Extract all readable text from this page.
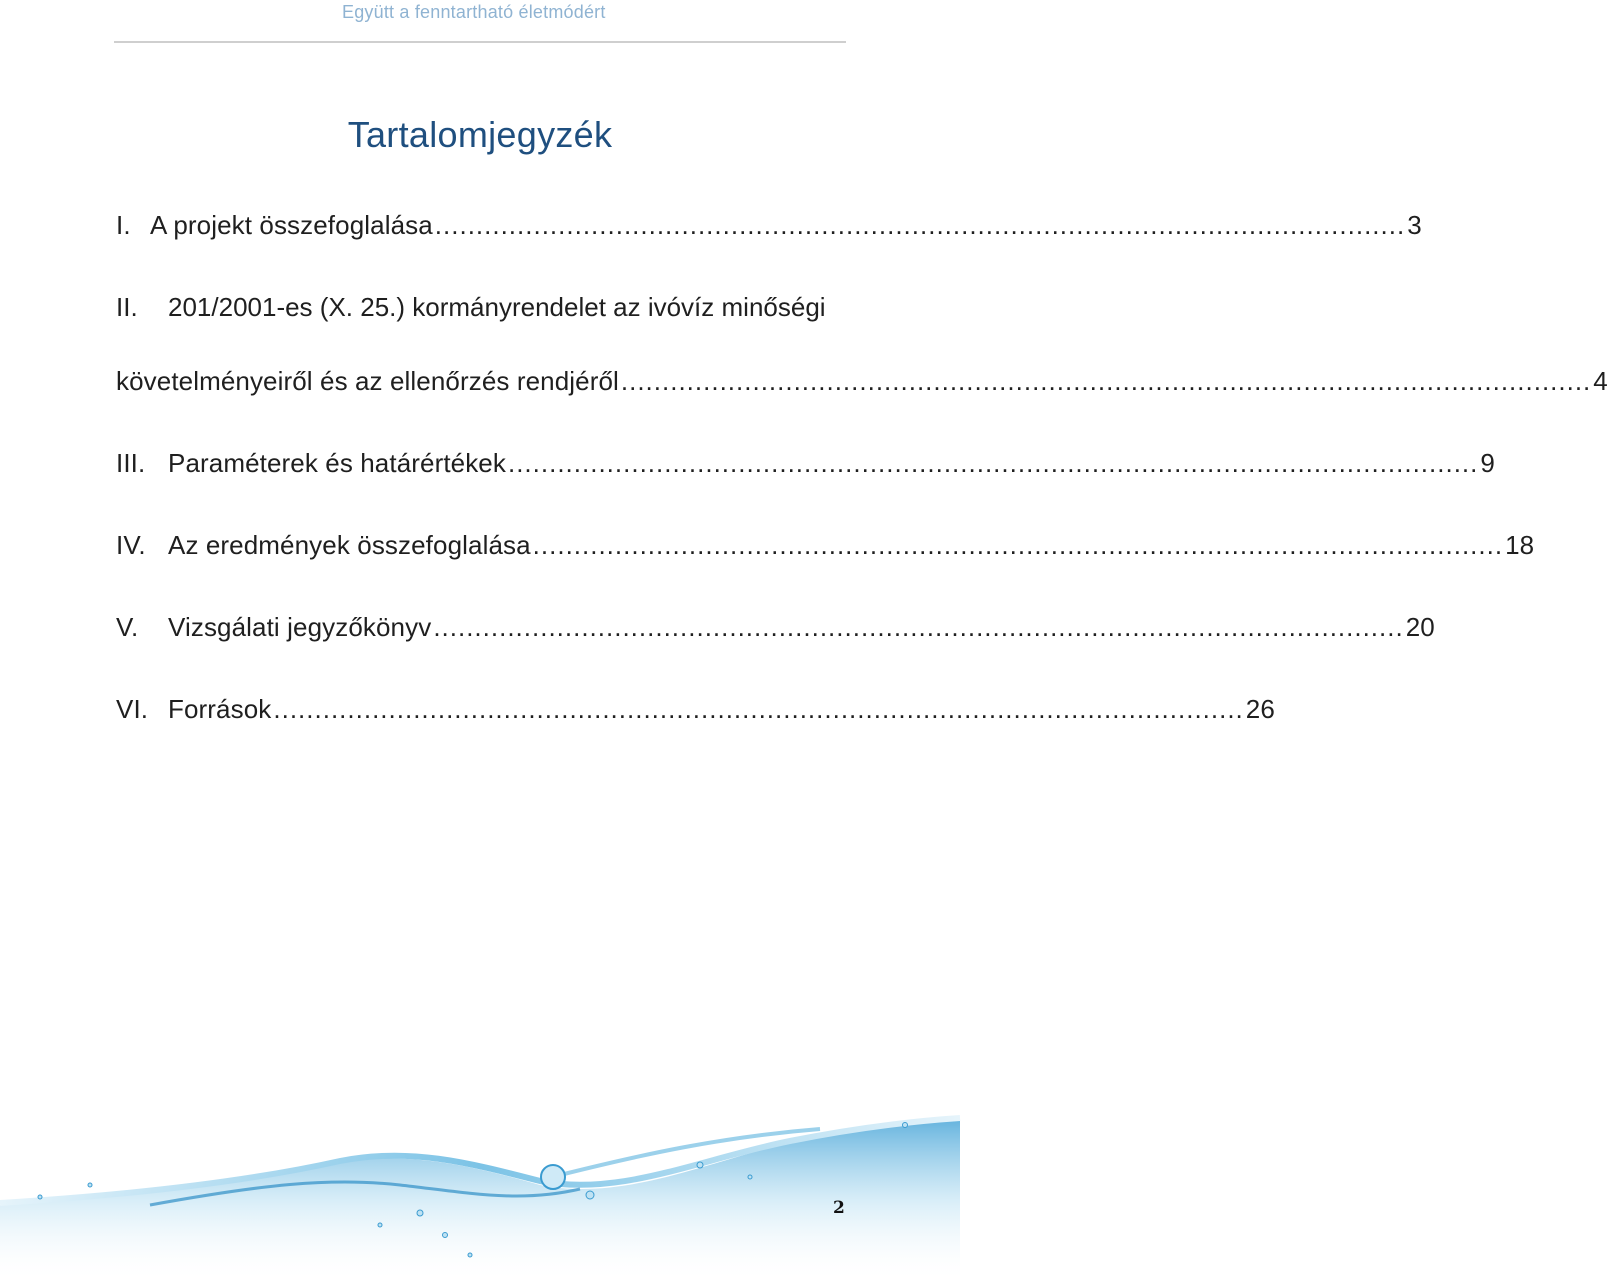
Együtt a fenntartható életmódért
Tartalomjegyzék
I. A projekt összefoglalása ...................................................................................................................... 3
II. 201/2001-es (X. 25.) kormányrendelet az ivóvíz minőségi
követelményeiről és az ellenőrzés rendjéről ...................................................................................................................... 4
III. Paraméterek és határértékek ...................................................................................................................... 9
IV. Az eredmények összefoglalása ...................................................................................................................... 18
V.	Vizsgálati jegyzőkönyv ...................................................................................................................... 20
VI. Források ...................................................................................................................... 26
2
